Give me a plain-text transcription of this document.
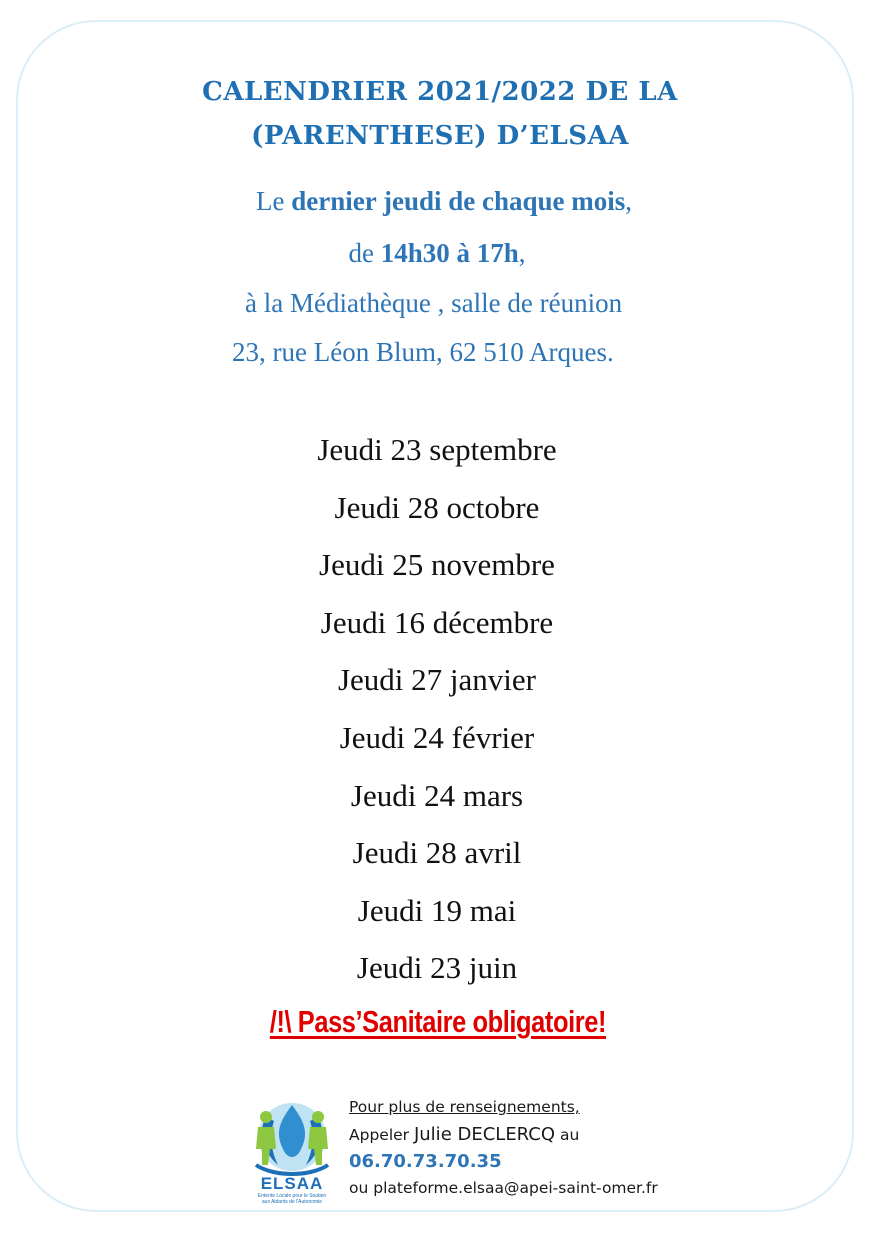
CALENDRIER 2021/2022 DE LA
(PARENTHESE) D’ELSAA
Le dernier jeudi de chaque mois,
de 14h30 à 17h,
à la Médiathèque , salle de réunion
23, rue Léon Blum, 62 510 Arques.
Jeudi 23 septembre
Jeudi 28 octobre
Jeudi 25 novembre
Jeudi 16 décembre
Jeudi 27 janvier
Jeudi 24 février
Jeudi 24 mars
Jeudi 28 avril
Jeudi 19 mai
Jeudi 23 juin
/!\ Pass’Sanitaire obligatoire!
ELSAA
Entente Locale pour le Soutien
aux Aidants de l'Autonomie
Pour plus de renseignements,
Appeler Julie DECLERCQ au
06.70.73.70.35
ou plateforme.elsaa@apei-saint-omer.fr
